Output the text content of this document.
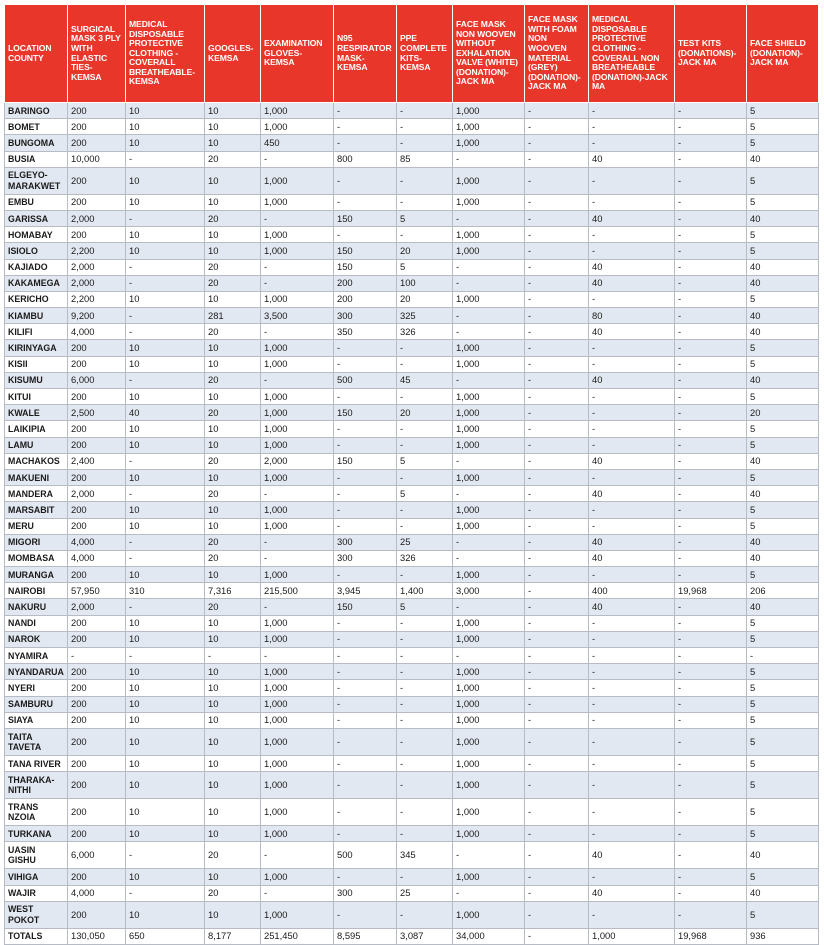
LOCATION COUNTY	SURGICAL MASK 3 PLY WITH ELASTIC TIES-KEMSA	MEDICAL DISPOSABLE PROTECTIVE CLOTHING -COVERALL BREATHEABLE-KEMSA	GOOGLES-KEMSA	EXAMINATION GLOVES-KEMSA	N95 RESPIRATOR MASK-KEMSA	PPE COMPLETE KITS-KEMSA	FACE MASK NON WOOVEN WITHOUT EXHALATION VALVE (WHITE) (DONATION)-JACK MA	FACE MASK WITH FOAM NON WOOVEN MATERIAL (GREY) (DONATION)-JACK MA	MEDICAL DISPOSABLE PROTECTIVE CLOTHING -COVERALL NON BREATHEABLE (DONATION)-JACK MA	TEST KITS (DONATIONS)-JACK MA	FACE SHIELD (DONATION)-JACK MA
BARINGO	200	10	10	1,000	-	-	1,000	-	-	-	5
BOMET	200	10	10	1,000	-	-	1,000	-	-	-	5
BUNGOMA	200	10	10	450	-	-	1,000	-	-	-	5
BUSIA	10,000	-	20	-	800	85	-	-	40	-	40
ELGEYO-MARAKWET	200	10	10	1,000	-	-	1,000	-	-	-	5
EMBU	200	10	10	1,000	-	-	1,000	-	-	-	5
GARISSA	2,000	-	20	-	150	5	-	-	40	-	40
HOMABAY	200	10	10	1,000	-	-	1,000	-	-	-	5
ISIOLO	2,200	10	10	1,000	150	20	1,000	-	-	-	5
KAJIADO	2,000	-	20	-	150	5	-	-	40	-	40
KAKAMEGA	2,000	-	20	-	200	100	-	-	40	-	40
KERICHO	2,200	10	10	1,000	200	20	1,000	-	-	-	5
KIAMBU	9,200	-	281	3,500	300	325	-	-	80	-	40
KILIFI	4,000	-	20	-	350	326	-	-	40	-	40
KIRINYAGA	200	10	10	1,000	-	-	1,000	-	-	-	5
KISII	200	10	10	1,000	-	-	1,000	-	-	-	5
KISUMU	6,000	-	20	-	500	45	-	-	40	-	40
KITUI	200	10	10	1,000	-	-	1,000	-	-	-	5
KWALE	2,500	40	20	1,000	150	20	1,000	-	-	-	20
LAIKIPIA	200	10	10	1,000	-	-	1,000	-	-	-	5
LAMU	200	10	10	1,000	-	-	1,000	-	-	-	5
MACHAKOS	2,400	-	20	2,000	150	5	-	-	40	-	40
MAKUENI	200	10	10	1,000	-	-	1,000	-	-	-	5
MANDERA	2,000	-	20	-	-	5	-	-	40	-	40
MARSABIT	200	10	10	1,000	-	-	1,000	-	-	-	5
MERU	200	10	10	1,000	-	-	1,000	-	-	-	5
MIGORI	4,000	-	20	-	300	25	-	-	40	-	40
MOMBASA	4,000	-	20	-	300	326	-	-	40	-	40
MURANGA	200	10	10	1,000	-	-	1,000	-	-	-	5
NAIROBI	57,950	310	7,316	215,500	3,945	1,400	3,000	-	400	19,968	206
NAKURU	2,000	-	20	-	150	5	-	-	40	-	40
NANDI	200	10	10	1,000	-	-	1,000	-	-	-	5
NAROK	200	10	10	1,000	-	-	1,000	-	-	-	5
NYAMIRA	-	-	-	-	-	-	-	-	-	-	-
NYANDARUA	200	10	10	1,000	-	-	1,000	-	-	-	5
NYERI	200	10	10	1,000	-	-	1,000	-	-	-	5
SAMBURU	200	10	10	1,000	-	-	1,000	-	-	-	5
SIAYA	200	10	10	1,000	-	-	1,000	-	-	-	5
TAITA TAVETA	200	10	10	1,000	-	-	1,000	-	-	-	5
TANA RIVER	200	10	10	1,000	-	-	1,000	-	-	-	5
THARAKA-NITHI	200	10	10	1,000	-	-	1,000	-	-	-	5
TRANS NZOIA	200	10	10	1,000	-	-	1,000	-	-	-	5
TURKANA	200	10	10	1,000	-	-	1,000	-	-	-	5
UASIN GISHU	6,000	-	20	-	500	345	-	-	40	-	40
VIHIGA	200	10	10	1,000	-	-	1,000	-	-	-	5
WAJIR	4,000	-	20	-	300	25	-	-	40	-	40
WEST POKOT	200	10	10	1,000	-	-	1,000	-	-	-	5
TOTALS	130,050	650	8,177	251,450	8,595	3,087	34,000	-	1,000	19,968	936
